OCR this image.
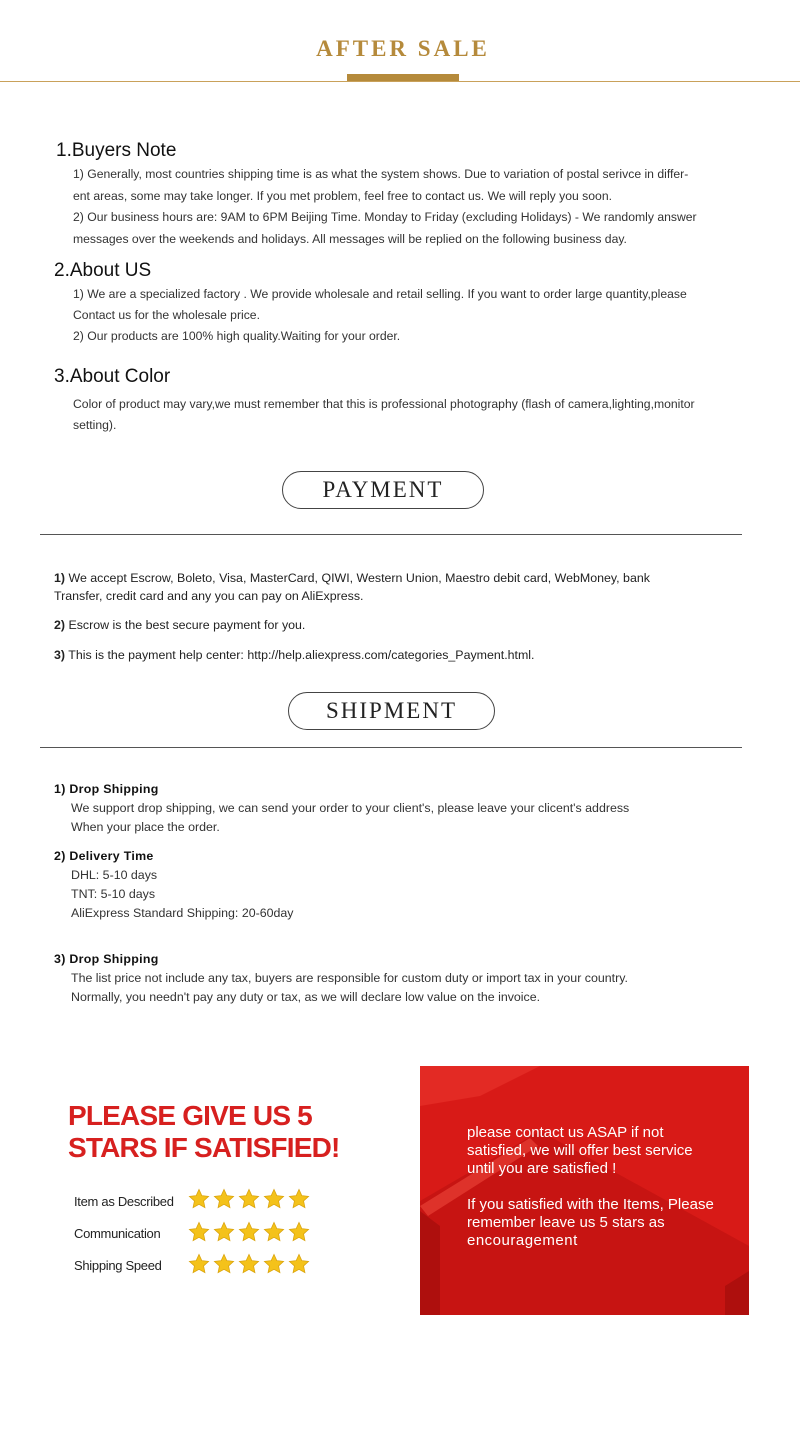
AFTER SALE
1.Buyers Note
1) Generally, most countries shipping time is as what the system shows. Due to variation of postal serivce in differ-
ent areas, some may take longer. If you met problem, feel free to contact us. We will reply you soon.
2) Our business hours are: 9AM to 6PM Beijing Time. Monday to Friday (excluding Holidays) - We randomly answer
messages over the weekends and holidays. All messages will be replied on the following business day.
2.About US
1) We are a specialized factory . We provide wholesale and retail selling. If you want to order large quantity,please
Contact us for the wholesale price.
2) Our products are 100% high quality.Waiting for your order.
3.About Color
Color of product may vary,we must remember that this is professional photography (flash of camera,lighting,monitor
setting).
PAYMENT
1) We accept Escrow, Boleto, Visa, MasterCard, QIWI, Western Union, Maestro debit card, WebMoney, bank
Transfer, credit card and any you can pay on AliExpress.
2) Escrow is the best secure payment for you.
3) This is the payment help center: http://help.aliexpress.com/categories_Payment.html.
SHIPMENT
1) Drop Shipping
We support drop shipping, we can send your order to your client's, please leave your clicent's address
When your place the order.
2) Delivery Time
DHL: 5-10 days
TNT: 5-10 days
AliExpress Standard Shipping: 20-60day
3) Drop Shipping
The list price not include any tax, buyers are responsible for custom duty or import tax in your country.
Normally, you needn't pay any duty or tax, as we will declare low value on the invoice.
PLEASE GIVE US 5
STARS IF SATISFIED!
Item as Described
Communication
Shipping Speed
please contact us ASAP if not
satisfied, we will offer best service
until you are satisfied !
If you satisfied with the Items, Please
remember leave us 5 stars as
encouragement
